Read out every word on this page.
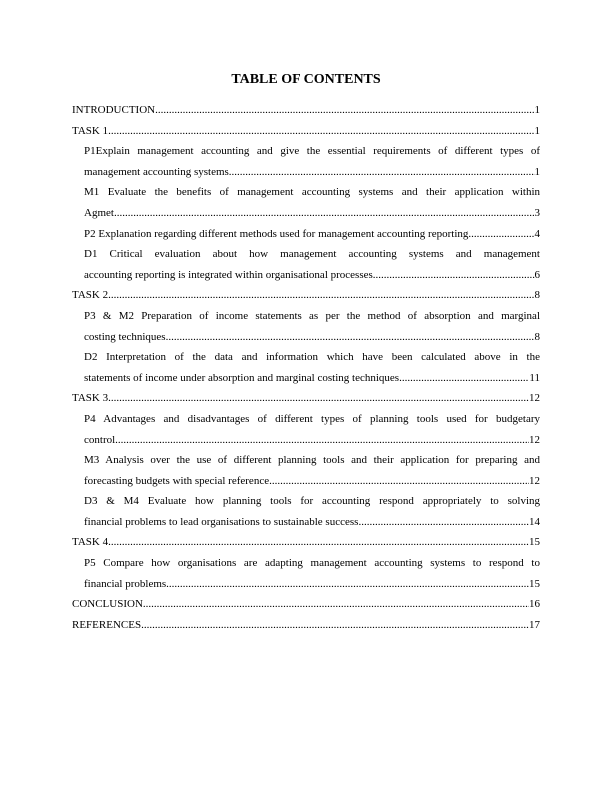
TABLE OF CONTENTS
INTRODUCTION .....	1
TASK 1 .....	1
P1Explain management accounting and give the essential requirements of different types of
management accounting systems .....	1
M1 Evaluate the benefits of management accounting systems and their application within
Agmet .....	3
P2 Explanation regarding different methods used for management accounting reporting .....	4
D1 Critical evaluation about how management accounting systems and management
accounting reporting is integrated within organisational processes .....	6
TASK 2 .....	8
P3 & M2 Preparation of income statements as per the method of absorption and marginal
costing techniques .....	8
D2 Interpretation of the data and information which have been calculated above in the
statements of income under absorption and marginal costing techniques .....	11
TASK 3 .....	12
P4 Advantages and disadvantages of different types of planning tools used for budgetary
control .....	12
M3 Analysis over the use of different planning tools and their application for preparing and
forecasting budgets with special reference .....	12
D3 & M4 Evaluate how planning tools for accounting respond appropriately to solving
financial problems to lead organisations to sustainable success .....	14
TASK 4 .....	15
P5 Compare how organisations are adapting management accounting systems to respond to
financial problems .....	15
CONCLUSION .....	16
REFERENCES .....	17
